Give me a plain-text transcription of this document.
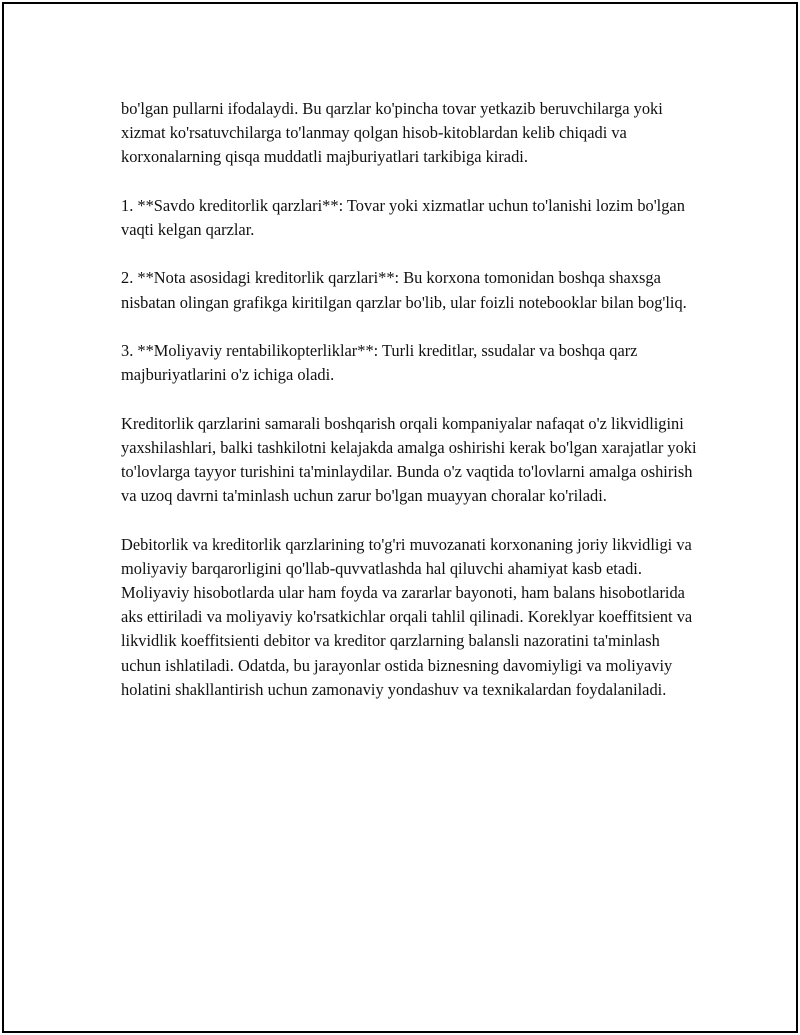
bo'lgan pullarni ifodalaydi. Bu qarzlar ko'pincha tovar yetkazib beruvchilarga yoki xizmat ko'rsatuvchilarga to'lanmay qolgan hisob-kitoblardan kelib chiqadi va korxonalarning qisqa muddatli majburiyatlari tarkibiga kiradi.

1. **Savdo kreditorlik qarzlari**: Tovar yoki xizmatlar uchun to'lanishi lozim bo'lgan vaqti kelgan qarzlar.

2. **Nota asosidagi kreditorlik qarzlari**: Bu korxona tomonidan boshqa shaxsga nisbatan olingan grafikga kiritilgan qarzlar bo'lib, ular foizli notebooklar bilan bog'liq.

3. **Moliyaviy rentabilikopterliklar**: Turli kreditlar, ssudalar va boshqa qarz majburiyatlarini o'z ichiga oladi.

Kreditorlik qarzlarini samarali boshqarish orqali kompaniyalar nafaqat o'z likvidligini yaxshilashlari, balki tashkilotni kelajakda amalga oshirishi kerak bo'lgan xarajatlar yoki to'lovlarga tayyor turishini ta'minlaydilar. Bunda o'z vaqtida to'lovlarni amalga oshirish va uzoq davrni ta'minlash uchun zarur bo'lgan muayyan choralar ko'riladi.

Debitorlik va kreditorlik qarzlarining to'g'ri muvozanati korxonaning joriy likvidligi va moliyaviy barqarorligini qo'llab-quvvatlashda hal qiluvchi ahamiyat kasb etadi. Moliyaviy hisobotlarda ular ham foyda va zararlar bayonoti, ham balans hisobotlarida aks ettiriladi va moliyaviy ko'rsatkichlar orqali tahlil qilinadi. Koreklyar koeffitsient va likvidlik koeffitsienti debitor va kreditor qarzlarning balansli nazoratini ta'minlash uchun ishlatiladi. Odatda, bu jarayonlar ostida biznesning davomiyligi va moliyaviy holatini shakllantirish uchun zamonaviy yondashuv va texnikalardan foydalaniladi.
